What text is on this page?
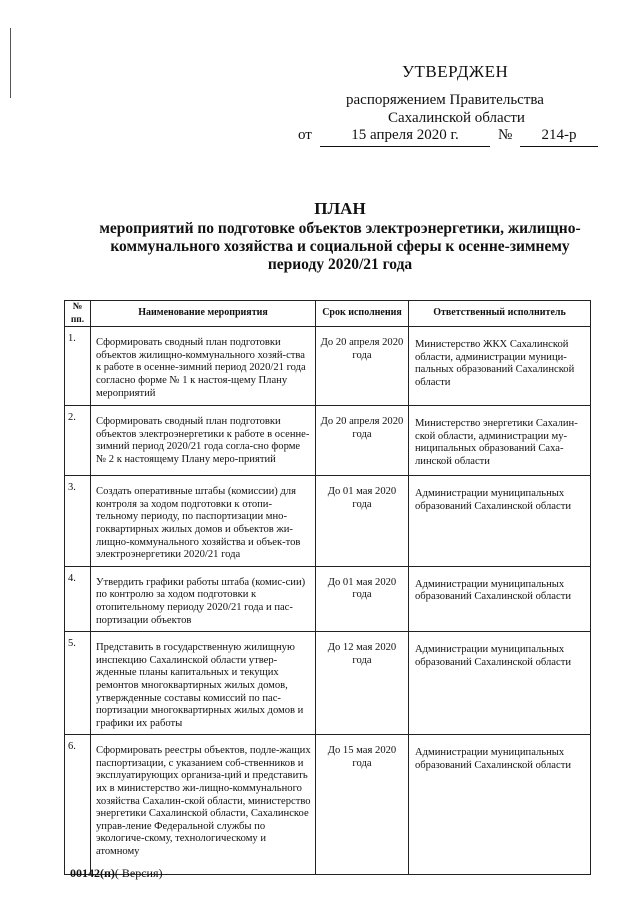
УТВЕРДЖЕН
распоряжением Правительства
Сахалинской области
от	15 апреля 2020 г.	№	214-р
ПЛАН
мероприятий по подготовке объектов электроэнергетики, жилищно-
коммунального хозяйства и социальной сферы к осенне-зимнему
периоду 2020/21 года
№ пп.	Наименование мероприятия	Срок исполнения	Ответственный исполнитель
1.	Сформировать сводный план подготовки объектов жилищно-коммунального хозяй-ства к работе в осенне-зимний период 2020/21 года согласно форме № 1 к настоя-щему Плану мероприятий	До 20 апреля 2020 года	Министерство ЖКХ Сахалинской области, администрации муници-пальных образований Сахалинской области
2.	Сформировать сводный план подготовки объектов электроэнергетики к работе в осенне-зимний период 2020/21 года согла-сно форме № 2 к настоящему Плану меро-приятий	До 20 апреля 2020 года	Министерство энергетики Сахалин-ской области, администрации му-ниципальных образований Саха-линской области
3.	Создать оперативные штабы (комиссии) для контроля за ходом подготовки к отопи-тельному периоду, по паспортизации мно-гоквартирных жилых домов и объектов жи-лищно-коммунального хозяйства и объек-тов электроэнергетики 2020/21 года	До 01 мая 2020 года	Администрации муниципальных образований Сахалинской области
4.	Утвердить графики работы штаба (комис-сии) по контролю за ходом подготовки к отопительному периоду 2020/21 года и пас-портизации объектов	До 01 мая 2020 года	Администрации муниципальных образований Сахалинской области
5.	Представить в государственную жилищную инспекцию Сахалинской области утвер-жденные планы капитальных и текущих ремонтов многоквартирных жилых домов, утвержденные составы комиссий по пас-портизации многоквартирных жилых домов и графики их работы	До 12 мая 2020 года	Администрации муниципальных образований Сахалинской области
6.	Сформировать реестры объектов, подле-жащих паспортизации, с указанием соб-ственников и эксплуатирующих организа-ций и представить их в министерство жи-лищно-коммунального хозяйства Сахалин-ской области, министерство энергетики Сахалинской области, Сахалинское управ-ление Федеральной службы по экологиче-скому, технологическому и атомному	До 15 мая 2020 года	Администрации муниципальных образований Сахалинской области
00142(п)( Версия)
